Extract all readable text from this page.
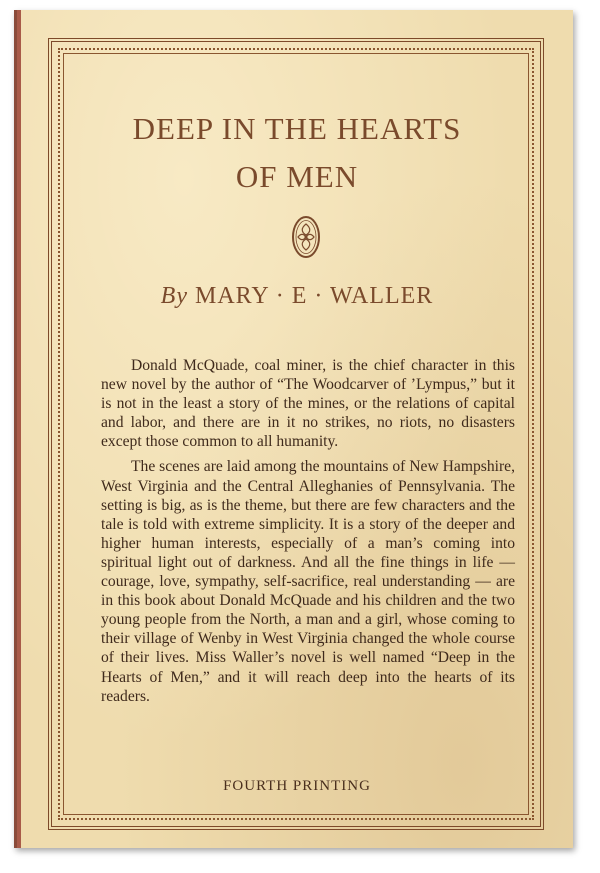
DEEP IN THE HEARTS
OF MEN
By MARY · E · WALLER

Donald McQuade, coal miner, is the chief character in this new novel by the author of “The Woodcarver of ’Lympus,” but it is not in the least a story of the mines, or the relations of capital and labor, and there are in it no strikes, no riots, no disasters except those common to all humanity.

The scenes are laid among the mountains of New Hampshire, West Virginia and the Central Alleghanies of Pennsylvania. The setting is big, as is the theme, but there are few characters and the tale is told with extreme simplicity. It is a story of the deeper and higher human interests, especially of a man’s coming into spiritual light out of darkness. And all the fine things in life — courage, love, sympathy, self-sacrifice, real understanding — are in this book about Donald McQuade and his children and the two young people from the North, a man and a girl, whose coming to their village of Wenby in West Virginia changed the whole course of their lives. Miss Waller’s novel is well named “Deep in the Hearts of Men,” and it will reach deep into the hearts of its readers.

FOURTH PRINTING
